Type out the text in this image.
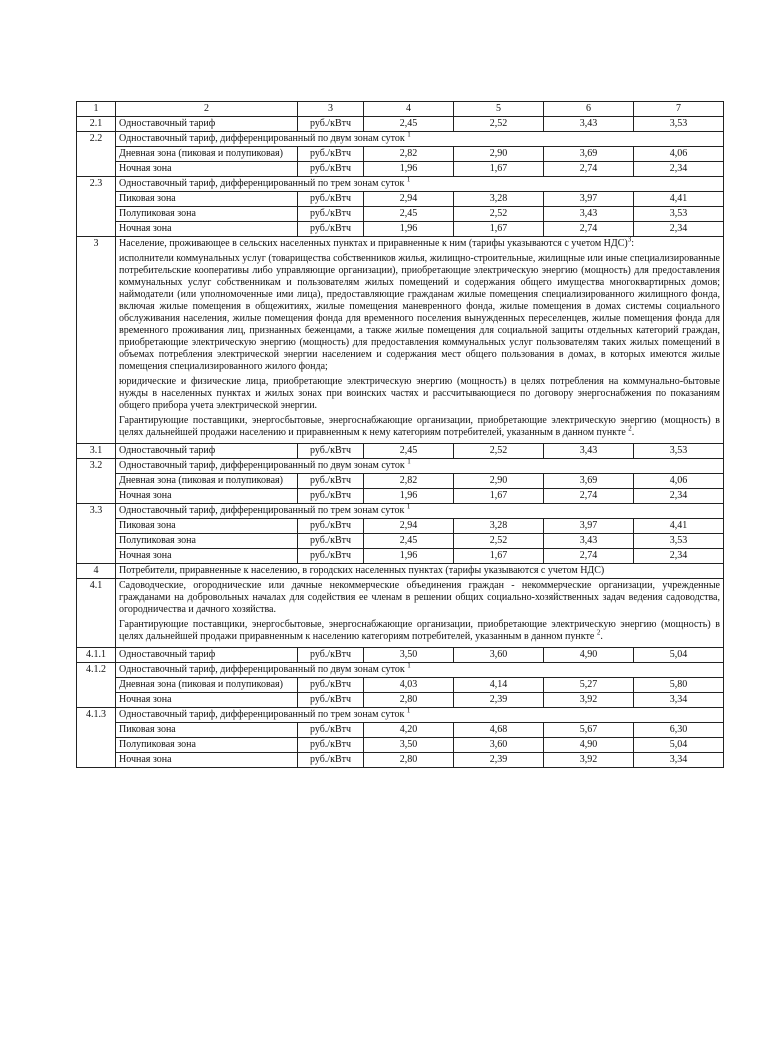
1	2	3	4	5	6	7
2.1	Одноставочный тариф	руб./кВтч	2,45	2,52	3,43	3,53
2.2	Одноставочный тариф, дифференцированный по двум зонам суток $^1$
	Дневная зона (пиковая и полупиковая)	руб./кВтч	2,82	2,90	3,69	4,06
	Ночная зона	руб./кВтч	1,96	1,67	2,74	2,34
2.3	Одноставочный тариф, дифференцированный по трем зонам суток $^1$
	Пиковая зона	руб./кВтч	2,94	3,28	3,97	4,41
	Полупиковая зона	руб./кВтч	2,45	2,52	3,43	3,53
	Ночная зона	руб./кВтч	1,96	1,67	2,74	2,34
3	Население, проживающее в сельских населенных пунктах и приравненные к ним (тарифы указываются с учетом НДС)$^3$:

исполнители коммунальных услуг (товарищества собственников жилья, жилищно-строительные, жилищные или иные специализированные потребительские кооперативы либо управляющие организации), приобретающие электрическую энергию (мощность) для предоставления коммунальных услуг собственникам и пользователям жилых помещений и содержания общего имущества многоквартирных домов; наймодатели (или уполномоченные ими лица), предоставляющие гражданам жилые помещения специализированного жилищного фонда, включая жилые помещения в общежитиях, жилые помещения маневренного фонда, жилые помещения в домах системы социального обслуживания населения, жилые помещения фонда для временного поселения вынужденных переселенцев, жилые помещения фонда для временного проживания лиц, признанных беженцами, а также жилые помещения для социальной защиты отдельных категорий граждан, приобретающие электрическую энергию (мощность) для предоставления коммунальных услуг пользователям таких жилых помещений в объемах потребления электрической энергии населением и содержания мест общего пользования в домах, в которых имеются жилые помещения специализированного жилого фонда;

юридические и физические лица, приобретающие электрическую энергию (мощность) в целях потребления на коммунально-бытовые нужды в населенных пунктах и жилых зонах при воинских частях и рассчитывающиеся по договору энергоснабжения по показаниям общего прибора учета электрической энергии.

Гарантирующие поставщики, энергосбытовые, энергоснабжающие организации, приобретающие электрическую энергию (мощность) в целях дальнейшей продажи населению и приравненным к нему категориям потребителей, указанным в данном пункте $^2$.					

3.1	Одноставочный тариф	руб./кВтч	2,45	2,52	3,43	3,53
3.2	Одноставочный тариф, дифференцированный по двум зонам суток $^1$
	Дневная зона (пиковая и полупиковая)	руб./кВтч	2,82	2,90	3,69	4,06
	Ночная зона	руб./кВтч	1,96	1,67	2,74	2,34
3.3	Одноставочный тариф, дифференцированный по трем зонам суток $^1$
	Пиковая зона	руб./кВтч	2,94	3,28	3,97	4,41
	Полупиковая зона	руб./кВтч	2,45	2,52	3,43	3,53
	Ночная зона	руб./кВтч	1,96	1,67	2,74	2,34
4	Потребители, приравненные к населению, в городских населенных пунктах (тарифы указываются с учетом НДС)					
4.1	Садоводческие, огороднические или дачные некоммерческие объединения граждан - некоммерческие организации, учрежденные гражданами на добровольных началах для содействия ее членам в решении общих социально-хозяйственных задач ведения садоводства, огородничества и дачного хозяйства.

Гарантирующие поставщики, энергосбытовые, энергоснабжающие организации, приобретающие электрическую энергию (мощность) в целях дальнейшей продажи приравненным к населению категориям потребителей, указанным в данном пункте $^2$.					

4.1.1	Одноставочный тариф	руб./кВтч	3,50	3,60	4,90	5,04
4.1.2	Одноставочный тариф, дифференцированный по двум зонам суток $^1$
	Дневная зона (пиковая и полупиковая)	руб./кВтч	4,03	4,14	5,27	5,80
	Ночная зона	руб./кВтч	2,80	2,39	3,92	3,34
4.1.3	Одноставочный тариф, дифференцированный по трем зонам суток $^1$
	Пиковая зона	руб./кВтч	4,20	4,68	5,67	6,30
	Полупиковая зона	руб./кВтч	3,50	3,60	4,90	5,04
	Ночная зона	руб./кВтч	2,80	2,39	3,92	3,34
